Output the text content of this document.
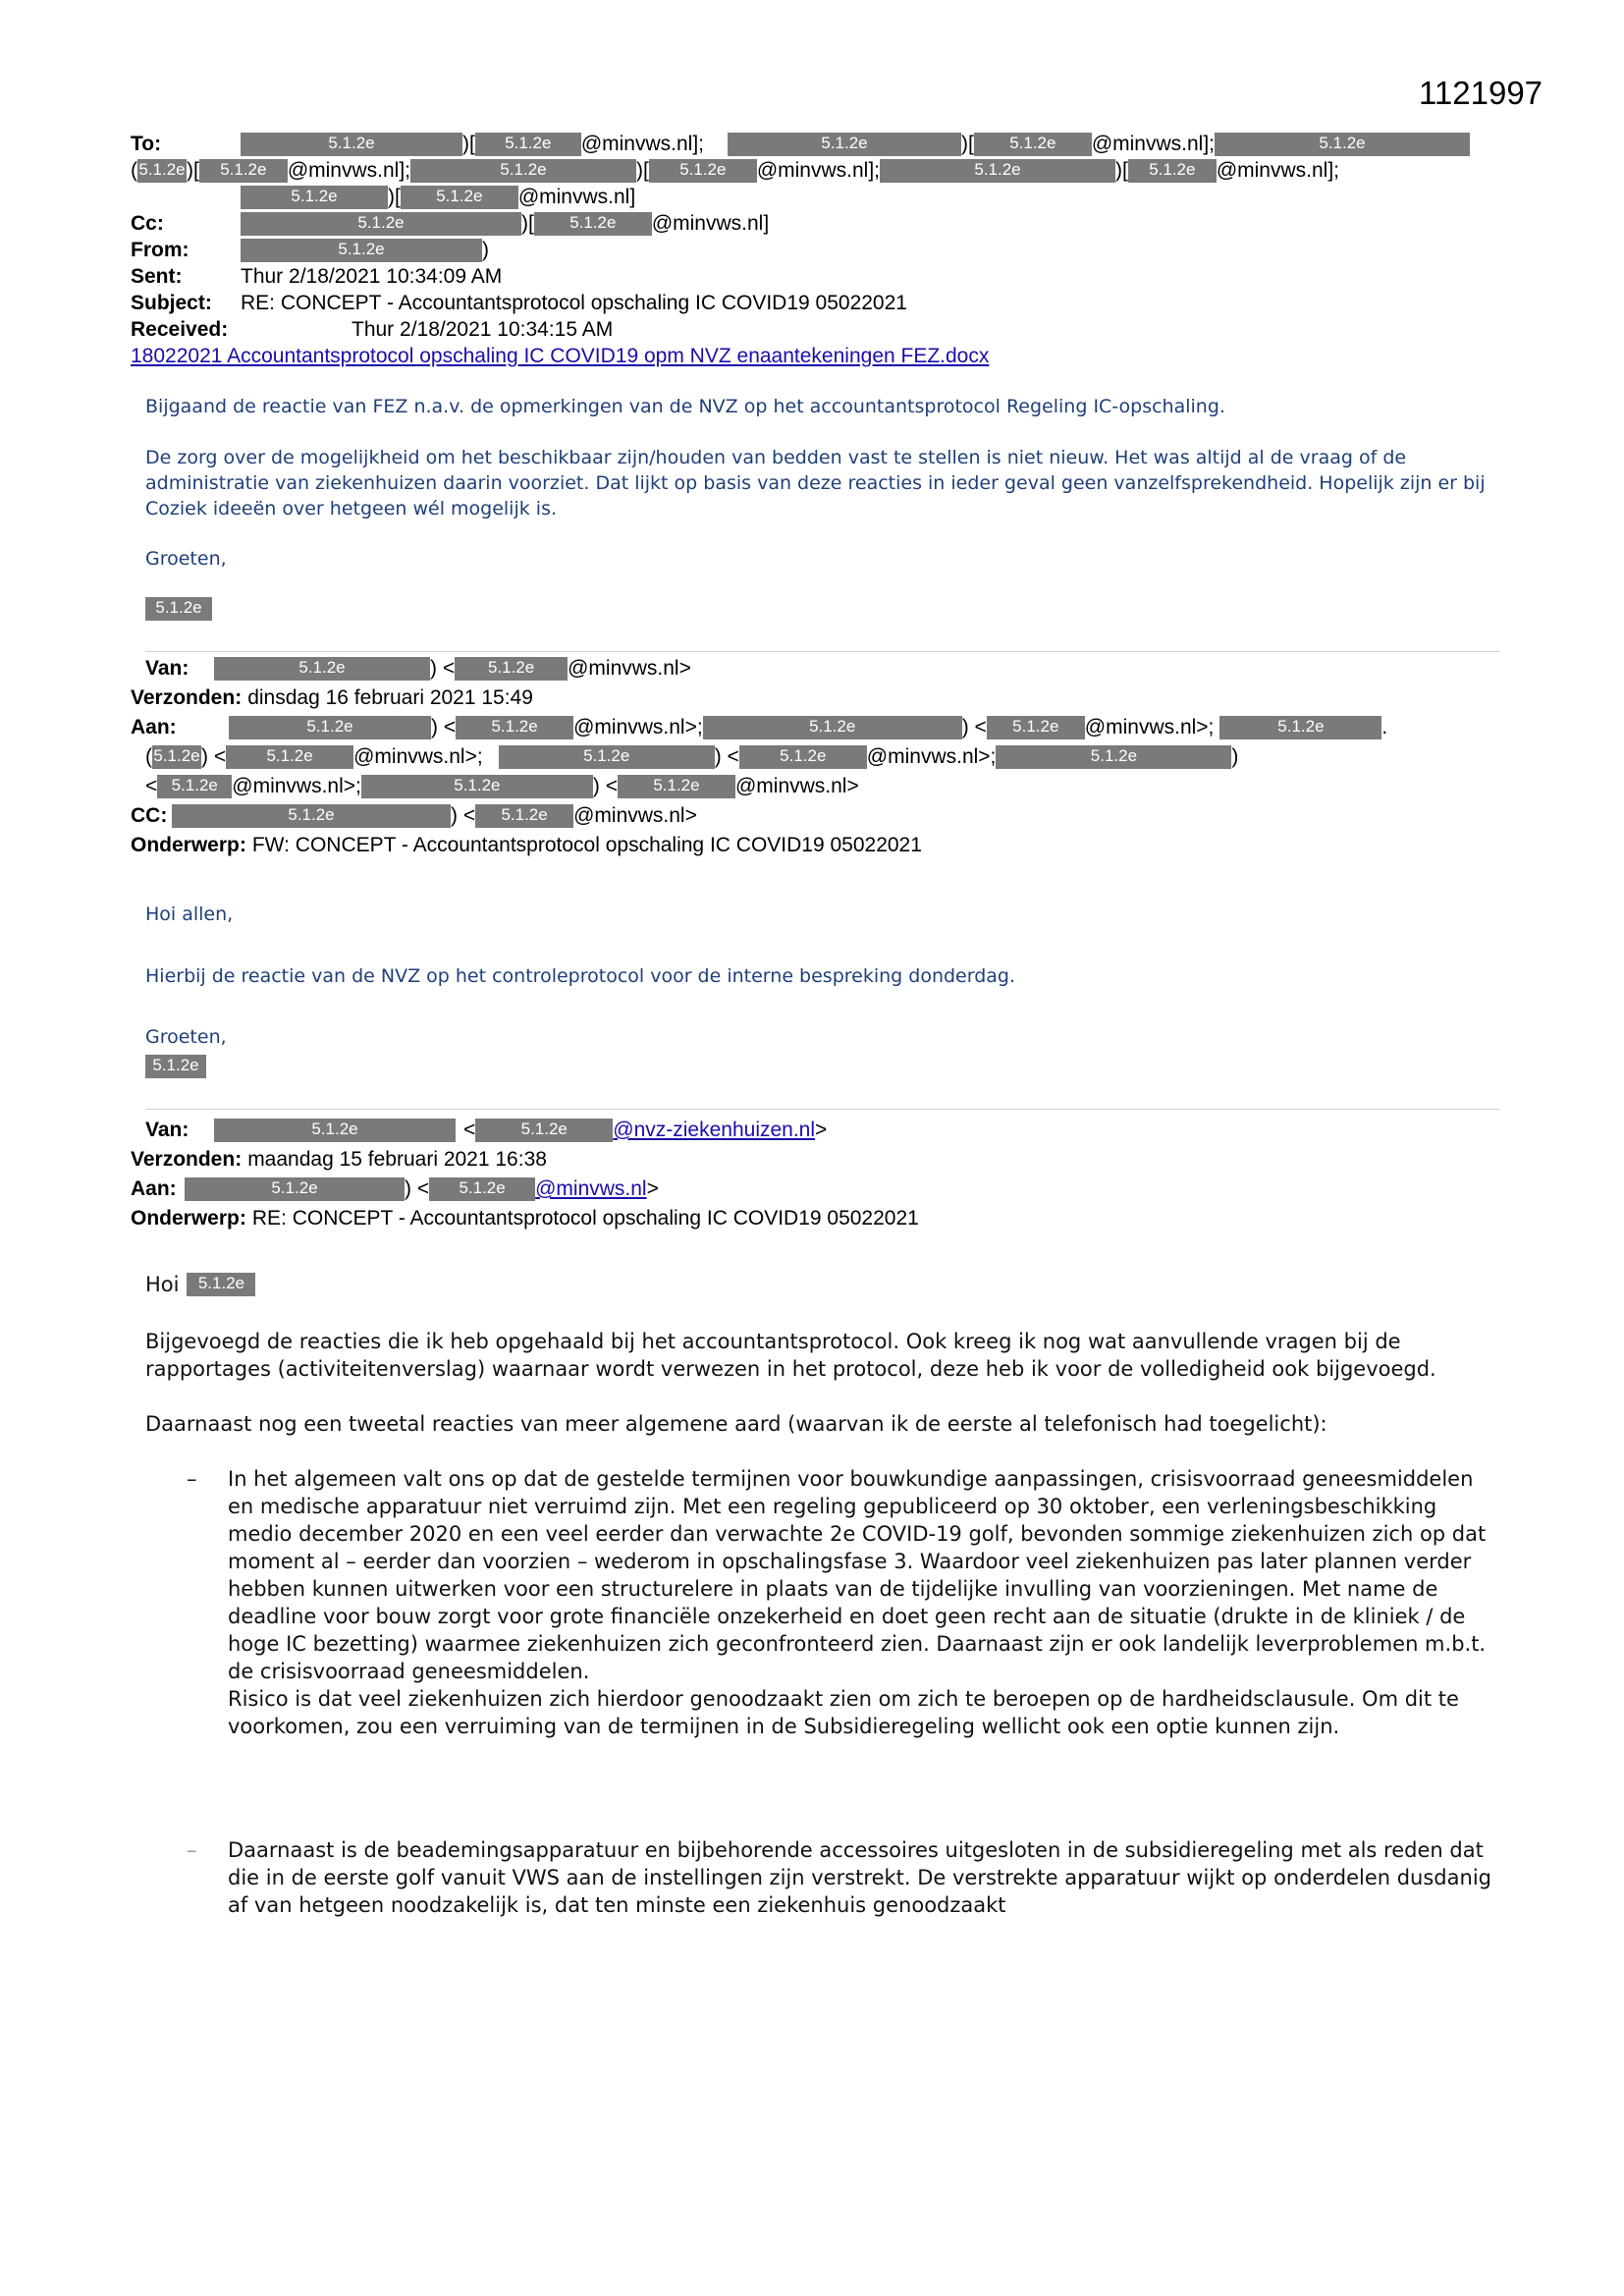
1121997
To:	5.1.2e	)[	5.1.2e	@minvws.nl];	5.1.2e	)[	5.1.2e	@minvws.nl];	5.1.2e
( 5.1.2e )[	5.1.2e	@minvws.nl];	5.1.2e	)[	5.1.2e	@minvws.nl];	5.1.2e	)[	5.1.2e	@minvws.nl];
5.1.2e	)[	5.1.2e	@minvws.nl]
Cc:	5.1.2e	)[	5.1.2e	@minvws.nl]
From:	5.1.2e	)
Sent:	Thur 2/18/2021 10:34:09 AM
Subject:	RE: CONCEPT - Accountantsprotocol opschaling IC COVID19 05022021
Received:	Thur 2/18/2021 10:34:15 AM
18022021 Accountantsprotocol opschaling IC COVID19 opm NVZ enaantekeningen FEZ.docx
Bijgaand de reactie van FEZ n.a.v. de opmerkingen van de NVZ op het accountantsprotocol Regeling IC-opschaling.
De zorg over de mogelijkheid om het beschikbaar zijn/houden van bedden vast te stellen is niet nieuw. Het was altijd al de vraag of de administratie van ziekenhuizen daarin voorziet. Dat lijkt op basis van deze reacties in ieder geval geen vanzelfsprekendheid. Hopelijk zijn er bij Coziek ideeën over hetgeen wél mogelijk is.
Groeten,
5.1.2e
Van:	5.1.2e	) <	5.1.2e	@minvws.nl>
Verzonden: dinsdag 16 februari 2021 15:49
Aan:	5.1.2e	) <	5.1.2e	@minvws.nl>;	5.1.2e	) <	5.1.2e	@minvws.nl>;	5.1.2e	.
( 5.1.2e ) <	5.1.2e	@minvws.nl>;	5.1.2e	) <	5.1.2e	@minvws.nl>;	5.1.2e	)
< 5.1.2e @minvws.nl>;	5.1.2e	) <	5.1.2e	@minvws.nl>
CC:	5.1.2e	) <	5.1.2e	@minvws.nl>
Onderwerp: FW: CONCEPT - Accountantsprotocol opschaling IC COVID19 05022021
Hoi allen,
Hierbij de reactie van de NVZ op het controleprotocol voor de interne bespreking donderdag.
Groeten,
5.1.2e
Van:	5.1.2e	<	5.1.2e	@nvz-ziekenhuizen.nl >
Verzonden: maandag 15 februari 2021 16:38
Aan:	5.1.2e	) <	5.1.2e	@minvws.nl >
Onderwerp: RE: CONCEPT - Accountantsprotocol opschaling IC COVID19 05022021
Hoi	5.1.2e
Bijgevoegd de reacties die ik heb opgehaald bij het accountantsprotocol. Ook kreeg ik nog wat aanvullende vragen bij de rapportages (activiteitenverslag) waarnaar wordt verwezen in het protocol, deze heb ik voor de volledigheid ook bijgevoegd.
Daarnaast nog een tweetal reacties van meer algemene aard (waarvan ik de eerste al telefonisch had toegelicht):
– In het algemeen valt ons op dat de gestelde termijnen voor bouwkundige aanpassingen, crisisvoorraad geneesmiddelen en medische apparatuur niet verruimd zijn. Met een regeling gepubliceerd op 30 oktober, een verleningsbeschikking medio december 2020 en een veel eerder dan verwachte 2e COVID-19 golf, bevonden sommige ziekenhuizen zich op dat moment al – eerder dan voorzien – wederom in opschalingsfase 3. Waardoor veel ziekenhuizen pas later plannen verder hebben kunnen uitwerken voor een structurelere in plaats van de tijdelijke invulling van voorzieningen. Met name de deadline voor bouw zorgt voor grote financiële onzekerheid en doet geen recht aan de situatie (drukte in de kliniek / de hoge IC bezetting) waarmee ziekenhuizen zich geconfronteerd zien. Daarnaast zijn er ook landelijk leverproblemen m.b.t. de crisisvoorraad geneesmiddelen.
Risico is dat veel ziekenhuizen zich hierdoor genoodzaakt zien om zich te beroepen op de hardheidsclausule. Om dit te voorkomen, zou een verruiming van de termijnen in de Subsidieregeling wellicht ook een optie kunnen zijn.
– Daarnaast is de beademingsapparatuur en bijbehorende accessoires uitgesloten in de subsidieregeling met als reden dat die in de eerste golf vanuit VWS aan de instellingen zijn verstrekt. De verstrekte apparatuur wijkt op onderdelen dusdanig af van hetgeen noodzakelijk is, dat ten minste een ziekenhuis genoodzaakt
